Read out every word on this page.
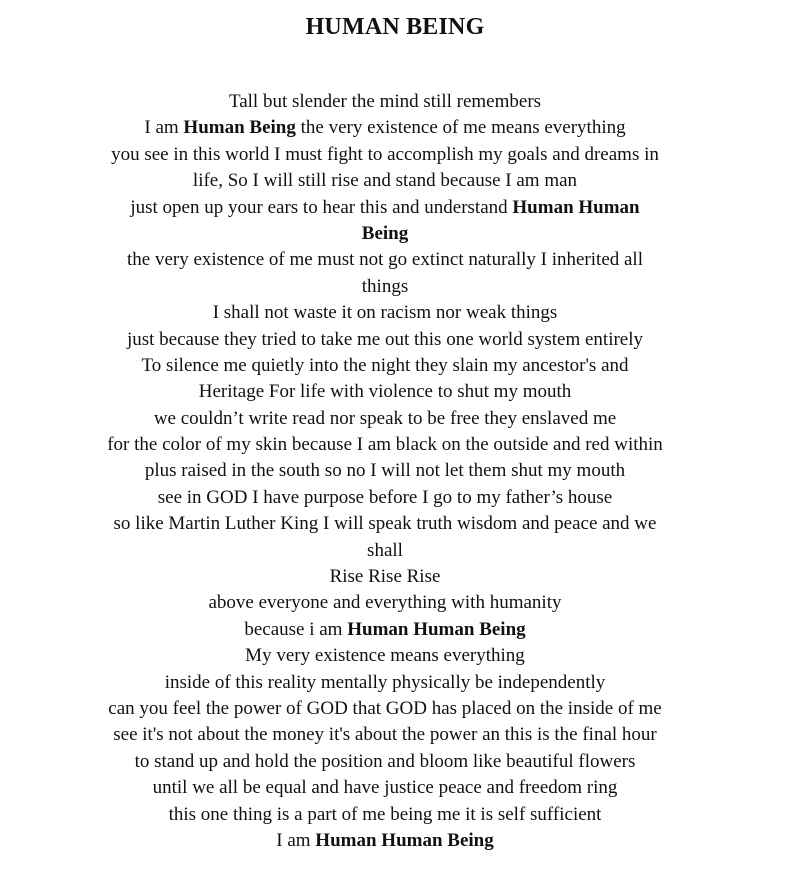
HUMAN BEING
Tall but slender the mind still remembers
I am Human Being the very existence of me means everything
you see in this world I must fight to accomplish my goals and dreams in
life, So I will still rise and stand because I am man
just open up your ears to hear this and understand Human Human
Being
the very existence of me must not go extinct naturally I inherited all
things
I shall not waste it on racism nor weak things
just because they tried to take me out this one world system entirely
To silence me quietly into the night they slain my ancestor's and
Heritage For life with violence to shut my mouth
we couldn’t write read nor speak to be free they enslaved me
for the color of my skin because I am black on the outside and red within
plus raised in the south so no I will not let them shut my mouth
see in GOD I have purpose before I go to my father’s house
so like Martin Luther King I will speak truth wisdom and peace and we
shall
Rise Rise Rise
above everyone and everything with humanity
because i am Human Human Being
My very existence means everything
inside of this reality mentally physically be independently
can you feel the power of GOD that GOD has placed on the inside of me
see it's not about the money it's about the power an this is the final hour
to stand up and hold the position and bloom like beautiful flowers
until we all be equal and have justice peace and freedom ring
this one thing is a part of me being me it is self sufficient
I am Human Human Being
